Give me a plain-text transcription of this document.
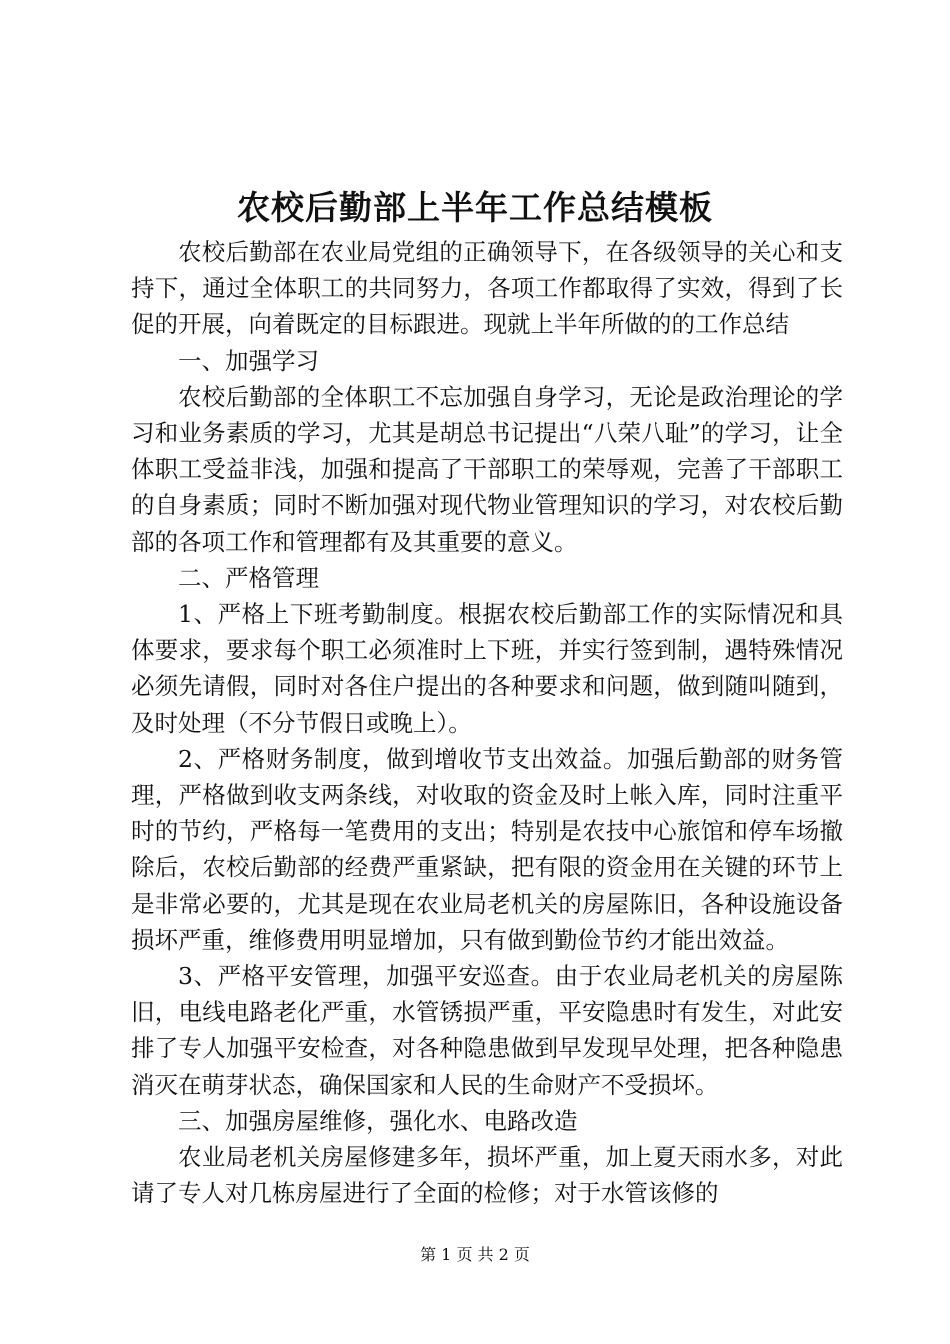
农校后勤部上半年工作总结模板

农校后勤部在农业局党组的正确领导下，在各级领导的关心和支持下，通过全体职工的共同努力，各项工作都取得了实效，得到了长促的开展，向着既定的目标跟进。现就上半年所做的的工作总结

一、加强学习

农校后勤部的全体职工不忘加强自身学习，无论是政治理论的学习和业务素质的学习，尤其是胡总书记提出“八荣八耻”的学习，让全体职工受益非浅，加强和提高了干部职工的荣辱观，完善了干部职工的自身素质；同时不断加强对现代物业管理知识的学习，对农校后勤部的各项工作和管理都有及其重要的意义。

二、严格管理

1、严格上下班考勤制度。根据农校后勤部工作的实际情况和具体要求，要求每个职工必须准时上下班，并实行签到制，遇特殊情况必须先请假，同时对各住户提出的各种要求和问题，做到随叫随到，及时处理（不分节假日或晚上）。

2、严格财务制度，做到增收节支出效益。加强后勤部的财务管理，严格做到收支两条线，对收取的资金及时上帐入库，同时注重平时的节约，严格每一笔费用的支出；特别是农技中心旅馆和停车场撤除后，农校后勤部的经费严重紧缺，把有限的资金用在关键的环节上是非常必要的，尤其是现在农业局老机关的房屋陈旧，各种设施设备损坏严重，维修费用明显增加，只有做到勤俭节约才能出效益。

3、严格平安管理，加强平安巡查。由于农业局老机关的房屋陈旧，电线电路老化严重，水管锈损严重，平安隐患时有发生，对此安排了专人加强平安检查，对各种隐患做到早发现早处理，把各种隐患消灭在萌芽状态，确保国家和人民的生命财产不受损坏。

三、加强房屋维修，强化水、电路改造

农业局老机关房屋修建多年，损坏严重，加上夏天雨水多，对此请了专人对几栋房屋进行了全面的检修；对于水管该修的

第 1 页 共 2 页
